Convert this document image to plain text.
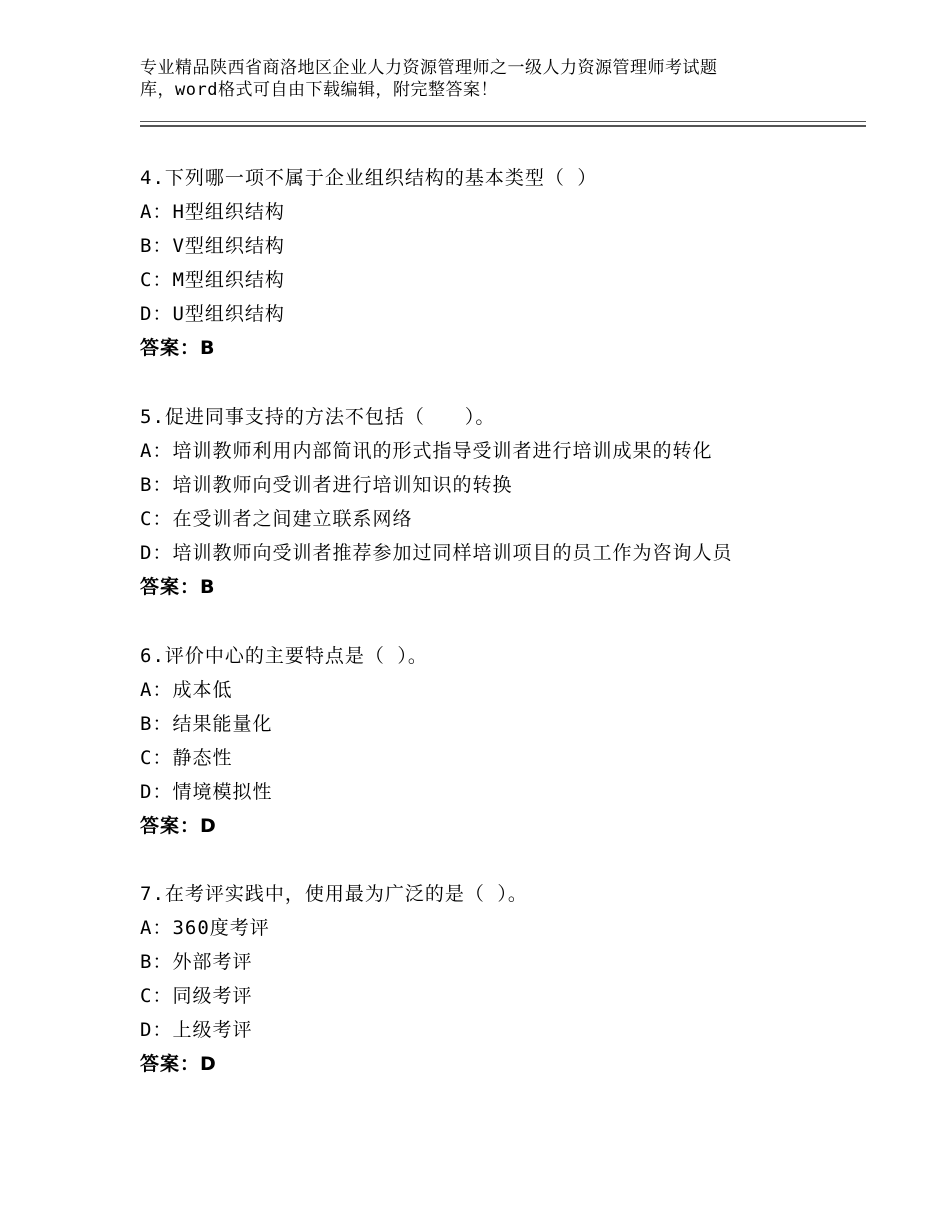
专业精品陕西省商洛地区企业人力资源管理师之一级人力资源管理师考试题
库，word格式可自由下载编辑，附完整答案！
4.下列哪一项不属于企业组织结构的基本类型（ ）
A：H型组织结构
B：V型组织结构
C：M型组织结构
D：U型组织结构
答案：B
5.促进同事支持的方法不包括（　　）。
A：培训教师利用内部简讯的形式指导受训者进行培训成果的转化
B：培训教师向受训者进行培训知识的转换
C：在受训者之间建立联系网络
D：培训教师向受训者推荐参加过同样培训项目的员工作为咨询人员
答案：B
6.评价中心的主要特点是（ ）。
A：成本低
B：结果能量化
C：静态性
D：情境模拟性
答案：D
7.在考评实践中，使用最为广泛的是（ ）。
A：360度考评
B：外部考评
C：同级考评
D：上级考评
答案：D
